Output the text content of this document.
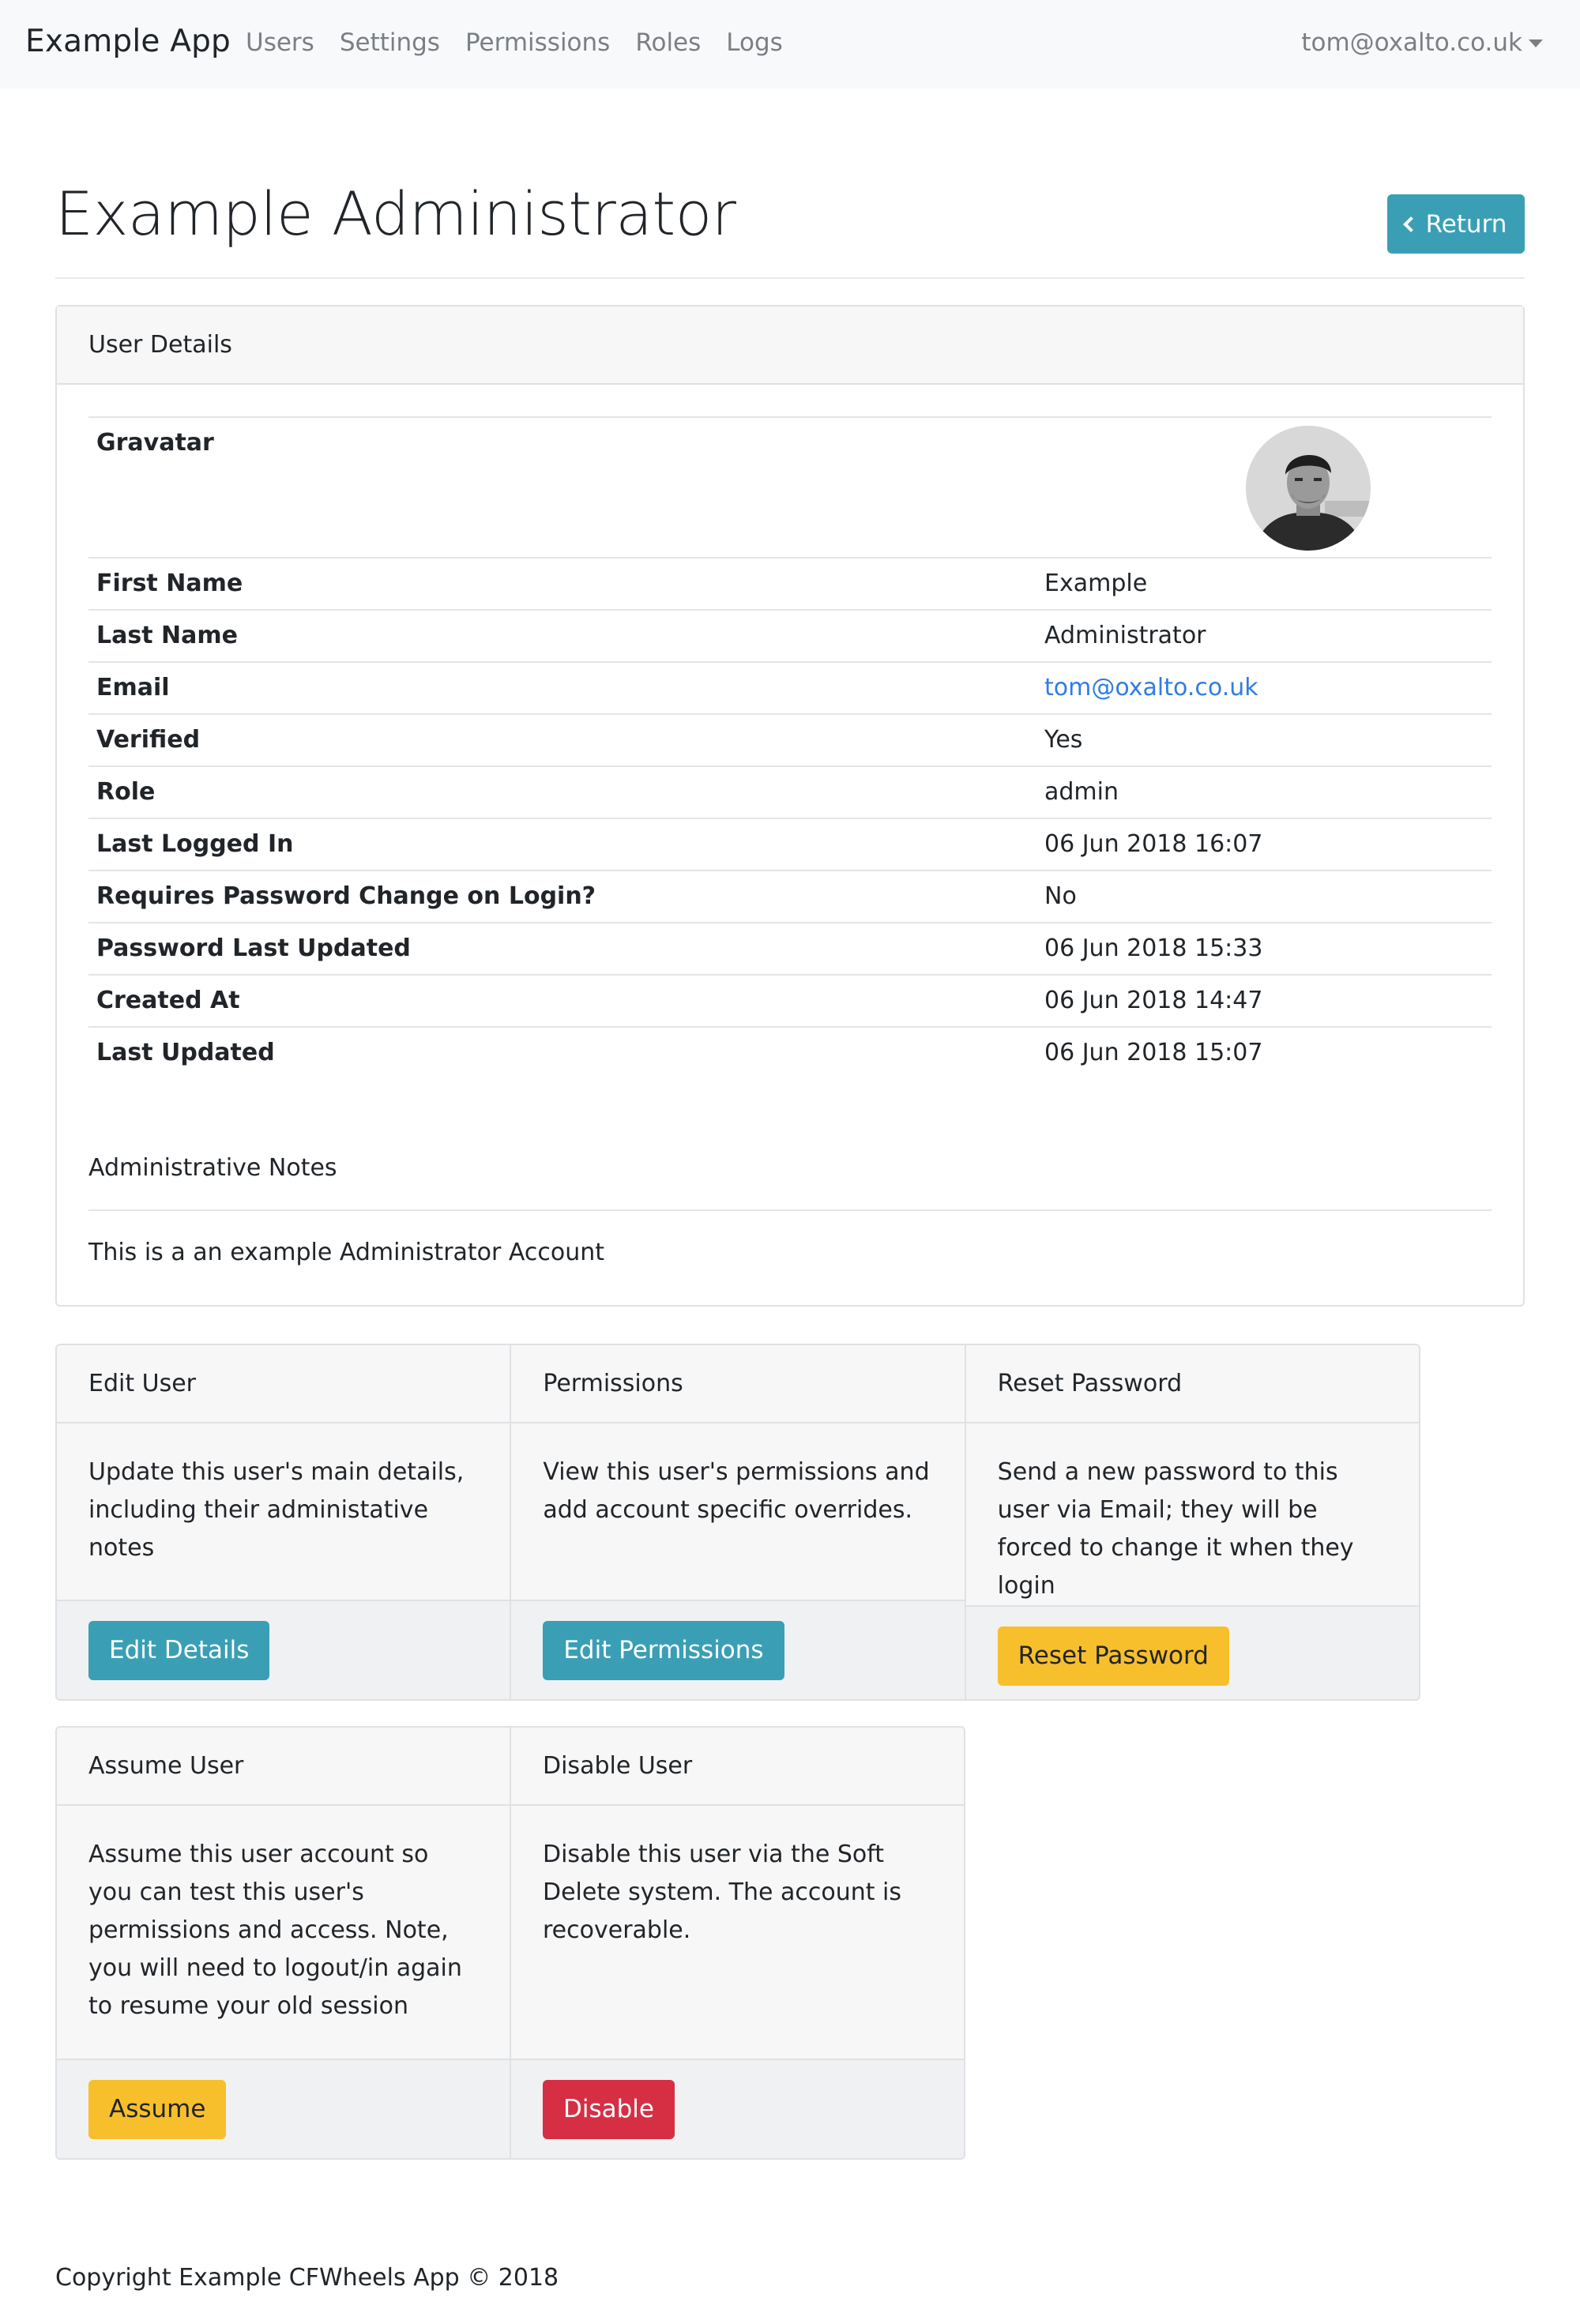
Example App Users Settings Permissions Roles Logs	tom@oxalto.co.uk
Example Administrator	Return
User Details
Gravatar
First Name	Example
Last Name	Administrator
Email	tom@oxalto.co.uk
Verified	Yes
Role	admin
Last Logged In	06 Jun 2018 16:07
Requires Password Change on Login?	No
Password Last Updated	06 Jun 2018 15:33
Created At	06 Jun 2018 14:47
Last Updated	06 Jun 2018 15:07
Administrative Notes
This is a an example Administrator Account
Edit User
Update this user's main details, including their administative notes
Edit Details
Permissions
View this user's permissions and add account specific overrides.
Edit Permissions
Reset Password
Send a new password to this user via Email; they will be forced to change it when they login
Reset Password
Assume User
Assume this user account so you can test this user's permissions and access. Note, you will need to logout/in again to resume your old session
Assume
Disable User
Disable this user via the Soft Delete system. The account is recoverable.
Disable
Copyright Example CFWheels App © 2018
